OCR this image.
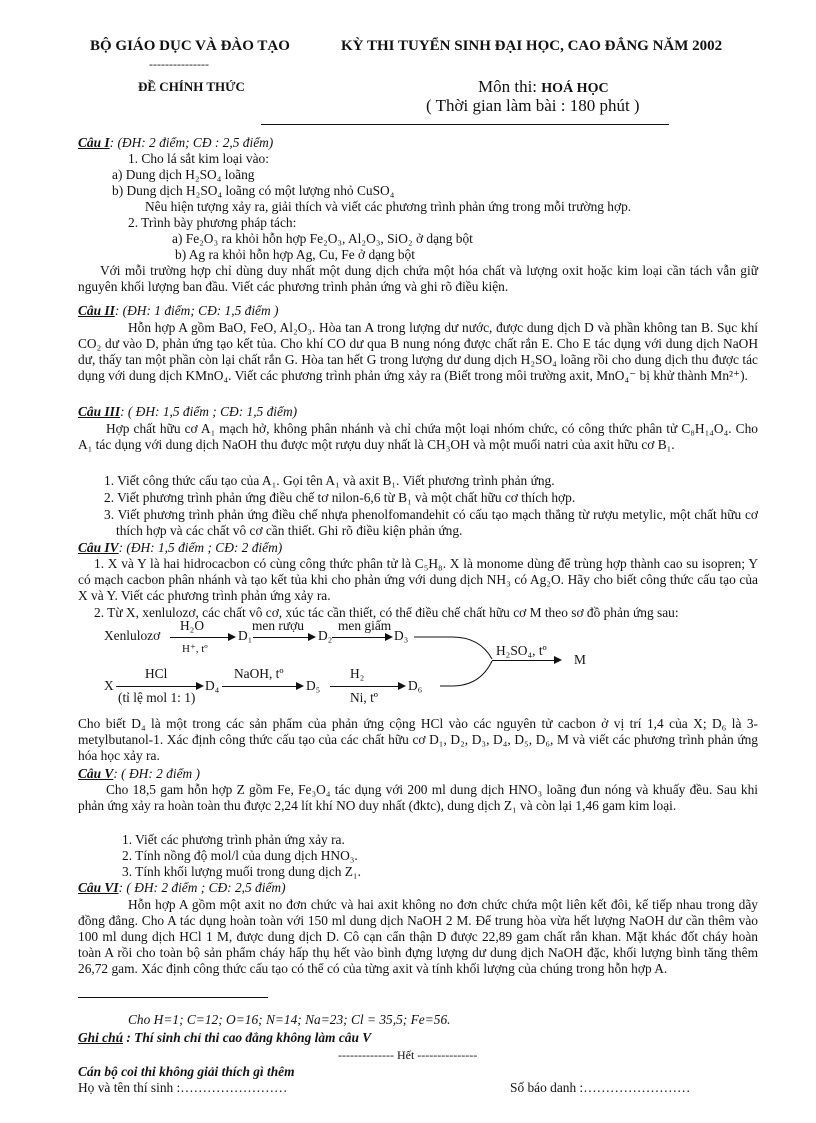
BỘ GIÁO DỤC VÀ ĐÀO TẠO
---------------
ĐỀ CHÍNH THỨC
KỲ THI TUYỂN SINH ĐẠI HỌC, CAO ĐẲNG NĂM 2002
Môn thi: HOÁ HỌC
( Thời gian làm bài : 180 phút )
Câu I: (ĐH: 2 điểm; CĐ : 2,5 điểm)
1. Cho lá sắt kim loại vào:
a) Dung dịch H₂SO₄ loãng
b) Dung dịch H₂SO₄ loãng có một lượng nhỏ CuSO₄
Nêu hiện tượng xảy ra, giải thích và viết các phương trình phản ứng trong mỗi trường hợp.
2. Trình bày phương pháp tách:
a) Fe₂O₃ ra khỏi hỗn hợp Fe₂O₃, Al₂O₃, SiO₂ ở dạng bột
b) Ag ra khỏi hỗn hợp Ag, Cu, Fe ở dạng bột
Với mỗi trường hợp chỉ dùng duy nhất một dung dịch chứa một hóa chất và lượng oxit hoặc kim loại cần tách vẫn giữ nguyên khối lượng ban đầu. Viết các phương trình phản ứng và ghi rõ điều kiện.
Câu II: (ĐH: 1 điểm; CĐ: 1,5 điểm )
Hỗn hợp A gồm BaO, FeO, Al₂O₃. Hòa tan A trong lượng dư nước, được dung dịch D và phần không tan B. Sục khí CO₂ dư vào D, phản ứng tạo kết tủa. Cho khí CO dư qua B nung nóng được chất rắn E. Cho E tác dụng với dung dịch NaOH dư, thấy tan một phần còn lại chất rắn G. Hòa tan hết G trong lượng dư dung dịch H₂SO₄ loãng rồi cho dung dịch thu được tác dụng với dung dịch KMnO₄. Viết các phương trình phản ứng xảy ra (Biết trong môi trường axit, MnO₄⁻ bị khử thành Mn²⁺).
Câu III: ( ĐH: 1,5 điểm ; CĐ: 1,5 điểm)
Hợp chất hữu cơ A₁ mạch hở, không phân nhánh và chỉ chứa một loại nhóm chức, có công thức phân tử C₈H₁₄O₄. Cho A₁ tác dụng với dung dịch NaOH thu được một rượu duy nhất là CH₃OH và một muối natri của axit hữu cơ B₁.
1. Viết công thức cấu tạo của A₁. Gọi tên A₁ và axit B₁. Viết phương trình phản ứng.
2. Viết phương trình phản ứng điều chế tơ nilon-6,6 từ B₁ và một chất hữu cơ thích hợp.
3. Viết phương trình phản ứng điều chế nhựa phenolfomandehit có cấu tạo mạch thẳng từ rượu metylic, một chất hữu cơ thích hợp và các chất vô cơ cần thiết. Ghi rõ điều kiện phản ứng.
Câu IV: (ĐH: 1,5 điểm ; CĐ: 2 điểm)
1. X và Y là hai hidrocacbon có cùng công thức phân tử là C₅H₈. X là monome dùng để trùng hợp thành cao su isopren; Y có mạch cacbon phân nhánh và tạo kết tủa khi cho phản ứng với dung dịch NH₃ có Ag₂O. Hãy cho biết công thức cấu tạo của X và Y. Viết các phương trình phản ứng xảy ra.
2. Từ X, xenlulozơ, các chất vô cơ, xúc tác cần thiết, có thể điều chế chất hữu cơ M theo sơ đồ phản ứng sau:
Xenlulozơ
H₂O
H⁺, tº
D₁
men rượu
D₂
men giấm
D₃
H₂SO₄, tº
M
X
HCl
(tỉ lệ mol 1: 1)
D₄
NaOH, tº
D₅
H₂
Ni, tº
D₆
Cho biết D₄ là một trong các sản phẩm của phản ứng cộng HCl vào các nguyên tử cacbon ở vị trí 1,4 của X; D₆ là 3-metylbutanol-1. Xác định công thức cấu tạo của các chất hữu cơ D₁, D₂, D₃, D₄, D₅, D₆, M và viết các phương trình phản ứng hóa học xảy ra.
Câu V: ( ĐH: 2 điểm )
Cho 18,5 gam hỗn hợp Z gồm Fe, Fe₃O₄ tác dụng với 200 ml dung dịch HNO₃ loãng đun nóng và khuấy đều. Sau khi phản ứng xảy ra hoàn toàn thu được 2,24 lít khí NO duy nhất (đktc), dung dịch Z₁ và còn lại 1,46 gam kim loại.
1. Viết các phương trình phản ứng xảy ra.
2. Tính nồng độ mol/l của dung dịch HNO₃.
3. Tính khối lượng muối trong dung dịch Z₁.
Câu VI: ( ĐH: 2 điểm ; CĐ: 2,5 điểm)
Hỗn hợp A gồm một axit no đơn chức và hai axit không no đơn chức chứa một liên kết đôi, kế tiếp nhau trong dãy đồng đẳng. Cho A tác dụng hoàn toàn với 150 ml dung dịch NaOH 2 M. Để trung hòa vừa hết lượng NaOH dư cần thêm vào 100 ml dung dịch HCl 1 M, được dung dịch D. Cô cạn cẩn thận D được 22,89 gam chất rắn khan. Mặt khác đốt cháy hoàn toàn A rồi cho toàn bộ sản phẩm cháy hấp thụ hết vào bình đựng lượng dư dung dịch NaOH đặc, khối lượng bình tăng thêm 26,72 gam. Xác định công thức cấu tạo có thể có của từng axit và tính khối lượng của chúng trong hỗn hợp A.
Cho H=1; C=12; O=16; N=14; Na=23; Cl = 35,5; Fe=56.
Ghi chú : Thí sinh chỉ thi cao đẳng không làm câu V
-------------- Hết ---------------
Cán bộ coi thi không giải thích gì thêm
Họ và tên thí sinh :……………………	Số báo danh :……………………
